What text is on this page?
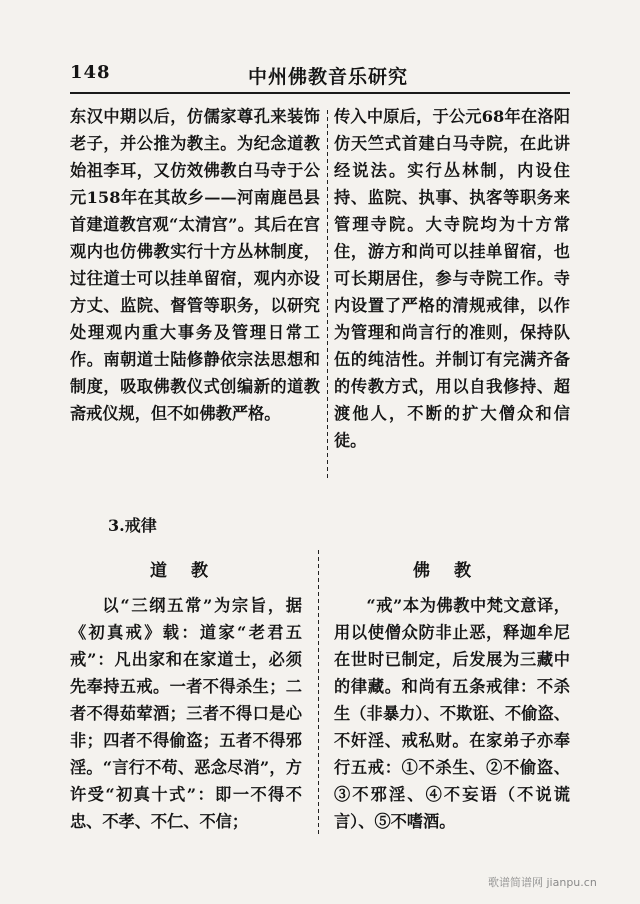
148	中州佛教音乐研究

东汉中期以后，仿儒家尊孔来装饰老子，并公推为教主。为纪念道教始祖李耳，又仿效佛教白马寺于公元158年在其故乡——河南鹿邑县首建道教宫观“太清宫”。其后在宫观内也仿佛教实行十方丛林制度，过往道士可以挂单留宿，观内亦设方丈、监院、督管等职务，以研究处理观内重大事务及管理日常工作。南朝道士陆修静依宗法思想和制度，吸取佛教仪式创编新的道教斋戒仪规，但不如佛教严格。

传入中原后，于公元68年在洛阳仿天竺式首建白马寺院，在此讲经说法。实行丛林制，内设住持、监院、执事、执客等职务来管理寺院。大寺院均为十方常住，游方和尚可以挂单留宿，也可长期居住，参与寺院工作。寺内设置了严格的清规戒律，以作为管理和尚言行的准则，保持队伍的纯洁性。并制订有完满齐备的传教方式，用以自我修持、超渡他人，不断的扩大僧众和信徒。

3.戒律
道教	佛教

以“三纲五常”为宗旨，据《初真戒》载：道家“老君五戒”：凡出家和在家道士，必须先奉持五戒。一者不得杀生；二者不得茹荤酒；三者不得口是心非；四者不得偷盗；五者不得邪淫。“言行不苟、恶念尽消”，方许受“初真十式”：即一不得不忠、不孝、不仁、不信；

“戒”本为佛教中梵文意译，用以使僧众防非止恶，释迦牟尼在世时已制定，后发展为三藏中的律藏。和尚有五条戒律：不杀生（非暴力）、不欺诳、不偷盗、不奸淫、戒私财。在家弟子亦奉行五戒：①不杀生、②不偷盗、③不邪淫、④不妄语（不说谎言）、⑤不嗜酒。

歌谱简谱网 jianpu.cn
